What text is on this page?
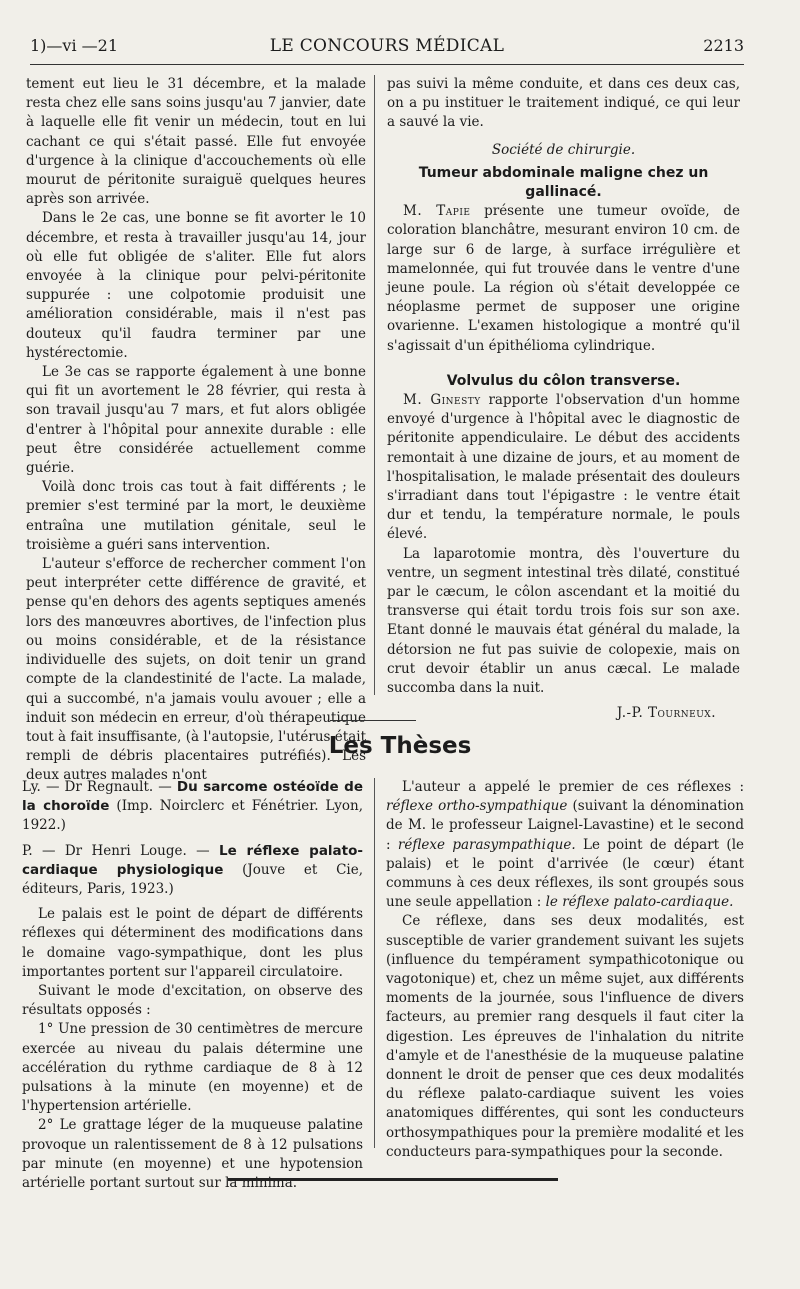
1)—vi —21	LE CONCOURS MÉDICAL	2213

tement eut lieu le 31 décembre, et la malade resta chez elle sans soins jusqu'au 7 janvier, date à laquelle elle fit venir un médecin, tout en lui cachant ce qui s'était passé. Elle fut envoyée d'urgence à la clinique d'accouchements où elle mourut de péritonite suraiguë quelques heures après son arrivée.

Dans le 2e cas, une bonne se fit avorter le 10 décembre, et resta à travailler jusqu'au 14, jour où elle fut obligée de s'aliter. Elle fut alors envoyée à la clinique pour pelvi-péritonite suppurée : une colpotomie produisit une amélioration considérable, mais il n'est pas douteux qu'il faudra terminer par une hystérectomie.

Le 3e cas se rapporte également à une bonne qui fit un avortement le 28 février, qui resta à son travail jusqu'au 7 mars, et fut alors obligée d'entrer à l'hôpital pour annexite durable : elle peut être considérée actuellement comme guérie.

Voilà donc trois cas tout à fait différents ; le premier s'est terminé par la mort, le deuxième entraîna une mutilation génitale, seul le troisième a guéri sans intervention.

L'auteur s'efforce de rechercher comment l'on peut interpréter cette différence de gravité, et pense qu'en dehors des agents septiques amenés lors des manœuvres abortives, de l'infection plus ou moins considérable, et de la résistance individuelle des sujets, on doit tenir un grand compte de la clandestinité de l'acte. La malade, qui a succombé, n'a jamais voulu avouer ; elle a induit son médecin en erreur, d'où thérapeutique tout à fait insuffisante, (à l'autopsie, l'utérus était rempli de débris placentaires putréfiés). Les deux autres malades n'ont

pas suivi la même conduite, et dans ces deux cas, on a pu instituer le traitement indiqué, ce qui leur a sauvé la vie.

Société de chirurgie.

Tumeur abdominale maligne chez un gallinacé.

M. Tapie présente une tumeur ovoïde, de coloration blanchâtre, mesurant environ 10 cm. de large sur 6 de large, à surface irrégulière et mamelonnée, qui fut trouvée dans le ventre d'une jeune poule. La région où s'était developpée ce néoplasme permet de supposer une origine ovarienne. L'examen histologique a montré qu'il s'agissait d'un épithélioma cylindrique.

Volvulus du côlon transverse.

M. Ginesty rapporte l'observation d'un homme envoyé d'urgence à l'hôpital avec le diagnostic de péritonite appendiculaire. Le début des accidents remontait à une dizaine de jours, et au moment de l'hospitalisation, le malade présentait des douleurs s'irradiant dans tout l'épigastre : le ventre était dur et tendu, la température normale, le pouls élevé.

La laparotomie montra, dès l'ouverture du ventre, un segment intestinal très dilaté, constitué par le cæcum, le côlon ascendant et la moitié du transverse qui était tordu trois fois sur son axe. Etant donné le mauvais état général du malade, la détorsion ne fut pas suivie de colopexie, mais on crut devoir établir un anus cæcal. Le malade succomba dans la nuit.

J.-P. Tourneux.

Les Thèses

Ly. — Dr Regnault. — Du sarcome ostéoïde de la choroïde (Imp. Noirclerc et Fénétrier. Lyon, 1922.)

P. — Dr Henri Louge. — Le réflexe palato-cardiaque physiologique (Jouve et Cie, éditeurs, Paris, 1923.)

Le palais est le point de départ de différents réflexes qui déterminent des modifications dans le domaine vago-sympathique, dont les plus importantes portent sur l'appareil circulatoire.

Suivant le mode d'excitation, on observe des résultats opposés :

1° Une pression de 30 centimètres de mercure exercée au niveau du palais détermine une accélération du rythme cardiaque de 8 à 12 pulsations à la minute (en moyenne) et de l'hypertension artérielle.

2° Le grattage léger de la muqueuse palatine provoque un ralentissement de 8 à 12 pulsations par minute (en moyenne) et une hypotension artérielle portant surtout sur la minima.

L'auteur a appelé le premier de ces réflexes : réflexe ortho-sympathique (suivant la dénomination de M. le professeur Laignel-Lavastine) et le second : réflexe parasympathique. Le point de départ (le palais) et le point d'arrivée (le cœur) étant communs à ces deux réflexes, ils sont groupés sous une seule appellation : le réflexe palato-cardiaque.

Ce réflexe, dans ses deux modalités, est susceptible de varier grandement suivant les sujets (influence du tempérament sympathicotonique ou vagotonique) et, chez un même sujet, aux différents moments de la journée, sous l'influence de divers facteurs, au premier rang desquels il faut citer la digestion. Les épreuves de l'inhalation du nitrite d'amyle et de l'anesthésie de la muqueuse palatine donnent le droit de penser que ces deux modalités du réflexe palato-cardiaque suivent les voies anatomiques différentes, qui sont les conducteurs orthosympathiques pour la première modalité et les conducteurs para-sympathiques pour la seconde.
